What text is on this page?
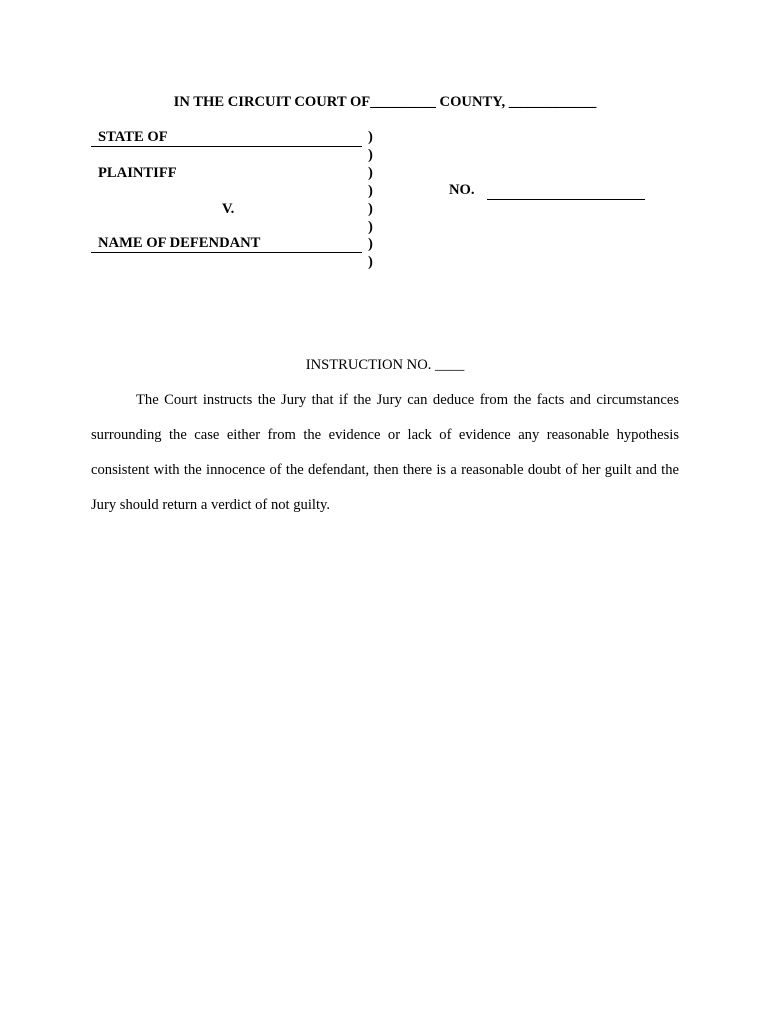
IN THE CIRCUIT COURT OF_________ COUNTY, ____________
STATE OF
PLAINTIFF
V.
NAME OF DEFENDANT
)
)
)
)
)
)
)
)
NO.
INSTRUCTION NO. ____

The Court instructs the Jury that if the Jury can deduce from the facts and circumstances surrounding the case either from the evidence or lack of evidence any reasonable hypothesis consistent with the innocence of the defendant, then there is a reasonable doubt of her guilt and the Jury should return a verdict of not guilty.
